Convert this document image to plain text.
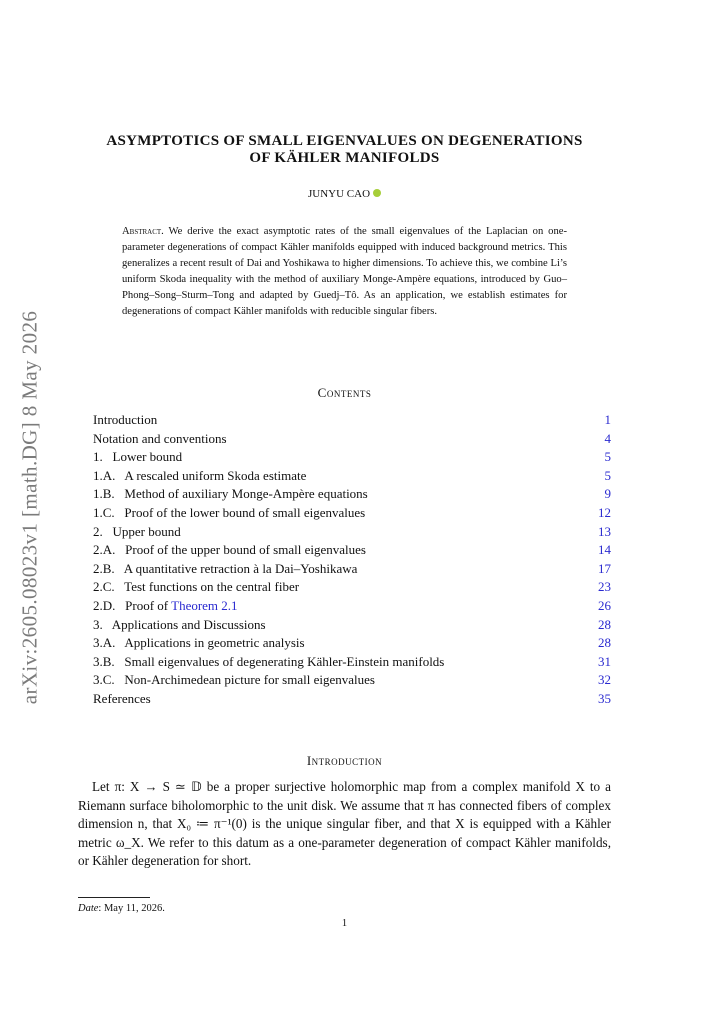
arXiv:2605.08023v1 [math.DG] 8 May 2026
ASYMPTOTICS OF SMALL EIGENVALUES ON DEGENERATIONS
OF KÄHLER MANIFOLDS
JUNYU CAO
Abstract. We derive the exact asymptotic rates of the small eigenvalues of the Laplacian on one-parameter degenerations of compact Kähler manifolds equipped with induced background metrics. This generalizes a recent result of Dai and Yoshikawa to higher dimensions. To achieve this, we combine Li’s uniform Skoda inequality with the method of auxiliary Monge-Ampère equations, introduced by Guo–Phong–Song–Sturm–Tong and adapted by Guedj–Tô. As an application, we establish estimates for degenerations of compact Kähler manifolds with reducible singular fibers.
Contents
Introduction	1
Notation and conventions	4
1.   Lower bound	5
1.A.   A rescaled uniform Skoda estimate	5
1.B.   Method of auxiliary Monge-Ampère equations	9
1.C.   Proof of the lower bound of small eigenvalues	12
2.   Upper bound	13
2.A.   Proof of the upper bound of small eigenvalues	14
2.B.   A quantitative retraction à la Dai–Yoshikawa	17
2.C.   Test functions on the central fiber	23
2.D.   Proof of Theorem 2.1	26
3.   Applications and Discussions	28
3.A.   Applications in geometric analysis	28
3.B.   Small eigenvalues of degenerating Kähler-Einstein manifolds	31
3.C.   Non-Archimedean picture for small eigenvalues	32
References	35
Introduction
Let π: X → S ≃ 𝔻 be a proper surjective holomorphic map from a complex manifold X to a Riemann surface biholomorphic to the unit disk. We assume that π has connected fibers of complex dimension n, that X₀ ≔ π⁻¹(0) is the unique singular fiber, and that X is equipped with a Kähler metric ω_X. We refer to this datum as a one-parameter degeneration of compact Kähler manifolds, or Kähler degeneration for short.
Date: May 11, 2026.
1
